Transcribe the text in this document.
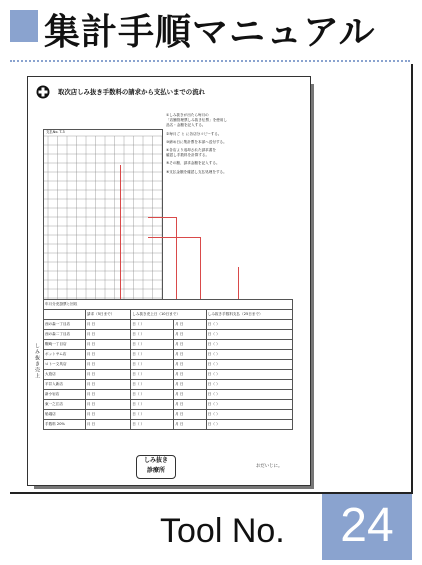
集計手順マニュアル
取次店しみ抜き手数料の請求から支払いまでの流れ
支払No. T-3
①しみ抜きが出たら毎月の
「店舗管理票しみ抜き伝票」を使用し
品名・金額を記入する。
②毎月ご と に各店分コピーする。
③締め日に集計票を本部へ送付する。
④各店より返却された請求書を
確認し手数料を計算する。
⑤その額、請求金額を記入する。
⑥支払金額を確認し支払処理をする。
しみ抜き売上
年月分売掛票と回収				
	請求（5日まで）	しみ抜き売上日（10日まで）		しみ抜き手数料支払（25日まで）
西の森一丁目店	月 日	日（ ）	月 日	日（ ）
西の森二丁目店	月 日	日（ ）	月 日	日（ ）
幌崎一丁目店	月 日	日（ ）	月 日	日（ ）
ポットサム店	月 日	日（ ）	月 日	日（ ）
ロトー文具店	月 日	日（ ）	月 日	日（ ）
大島店	月 日	日（ ）	月 日	日（ ）
平井入新店	月 日	日（ ）	月 日	日（ ）
新小岩店	月 日	日（ ）	月 日	日（ ）
東一之江店	月 日	日（ ）	月 日	日（ ）
船堀店	月 日	日（ ）	月 日	日（ ）
手数料 20%	月 日	日（ ）	月 日	日（ ）
しみ抜き
診療所
おだいじに。
Tool No.	24
